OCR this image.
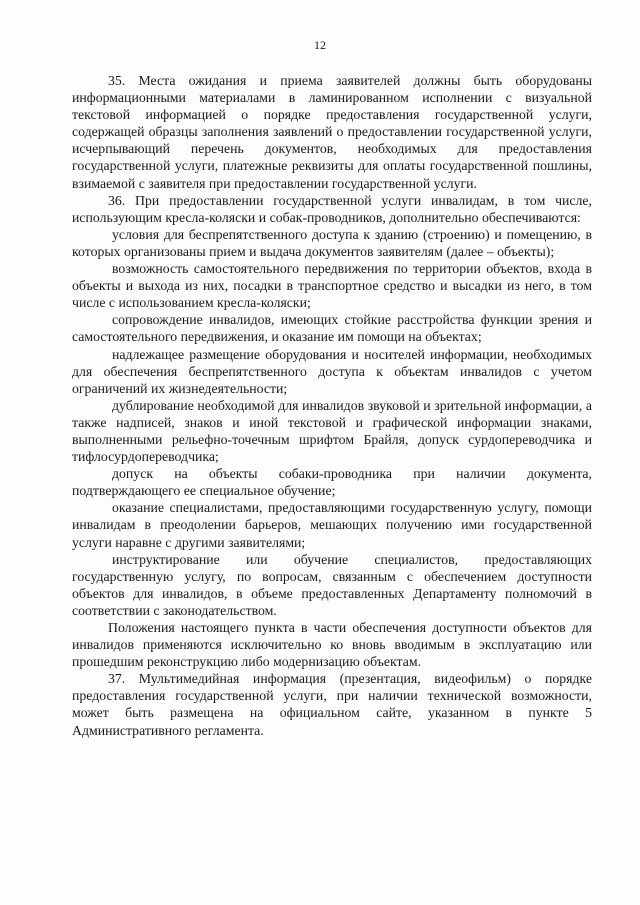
12

35. Места ожидания и приема заявителей должны быть оборудованы информационными материалами в ламинированном исполнении с визуальной текстовой информацией о порядке предоставления государственной услуги, содержащей образцы заполнения заявлений о предоставлении государственной услуги, исчерпывающий перечень документов, необходимых для предоставления государственной услуги, платежные реквизиты для оплаты государственной пошлины, взимаемой с заявителя при предоставлении государственной услуги.

36. При предоставлении государственной услуги инвалидам, в том числе, использующим кресла-коляски и собак-проводников, дополнительно обеспечиваются:

условия для беспрепятственного доступа к зданию (строению) и помещению, в которых организованы прием и выдача документов заявителям (далее – объекты);

возможность самостоятельного передвижения по территории объектов, входа в объекты и выхода из них, посадки в транспортное средство и высадки из него, в том числе с использованием кресла-коляски;

сопровождение инвалидов, имеющих стойкие расстройства функции зрения и самостоятельного передвижения, и оказание им помощи на объектах;

надлежащее размещение оборудования и носителей информации, необходимых для обеспечения беспрепятственного доступа к объектам инвалидов с учетом ограничений их жизнедеятельности;

дублирование необходимой для инвалидов звуковой и зрительной информации, а также надписей, знаков и иной текстовой и графической информации знаками, выполненными рельефно-точечным шрифтом Брайля, допуск сурдопереводчика и тифлосурдопереводчика;

допуск на объекты собаки-проводника при наличии документа, подтверждающего ее специальное обучение;

оказание специалистами, предоставляющими государственную услугу, помощи инвалидам в преодолении барьеров, мешающих получению ими государственной услуги наравне с другими заявителями;

инструктирование или обучение специалистов, предоставляющих государственную услугу, по вопросам, связанным с обеспечением доступности объектов для инвалидов, в объеме предоставленных Департаменту полномочий в соответствии с законодательством.

Положения настоящего пункта в части обеспечения доступности объектов для инвалидов применяются исключительно ко вновь вводимым в эксплуатацию или прошедшим реконструкцию либо модернизацию объектам.

37. Мультимедийная информация (презентация, видеофильм) о порядке предоставления государственной услуги, при наличии технической возможности, может быть размещена на официальном сайте, указанном в пункте 5 Административного регламента.
